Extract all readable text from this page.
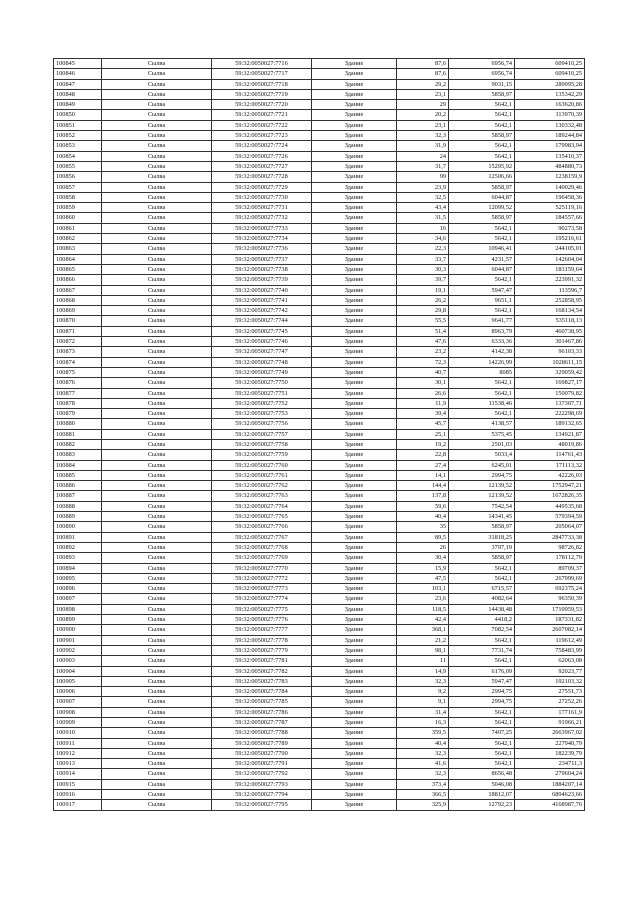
100845	Сылва	59:32:0050027:7716	Здание	87,6	6956,74	609410,25
100846	Сылва	59:32:0050027:7717	Здание	87,6	6956,74	609410,25
100847	Сылва	59:32:0050027:7718	Здание	29,2	9031,15	289995,28
100848	Сылва	59:32:0050027:7719	Здание	23,1	5858,97	135342,29
100849	Сылва	59:32:0050027:7720	Здание	29	5642,1	163620,86
100850	Сылва	59:32:0050027:7721	Здание	20,2	5642,1	113970,39
100851	Сылва	59:32:0050027:7722	Здание	23,1	5642,1	130332,48
100852	Сылва	59:32:0050027:7723	Здание	32,3	5858,97	189244,84
100853	Сылва	59:32:0050027:7724	Здание	31,9	5642,1	179983,94
100854	Сылва	59:32:0050027:7726	Здание	24	5642,1	135410,37
100855	Сылва	59:32:0050027:7727	Здание	31,7	15295,92	484880,73
100856	Сылва	59:32:0050027:7728	Здание	99	12506,66	1238159,9
100857	Сылва	59:32:0050027:7729	Здание	23,9	5858,97	140029,46
100858	Сылва	59:32:0050027:7730	Здание	32,5	6044,87	196458,36
100859	Сылва	59:32:0050027:7731	Здание	43,4	12099,52	525119,16
100860	Сылва	59:32:0050027:7732	Здание	31,5	5858,97	184557,66
100861	Сылва	59:32:0050027:7733	Здание	16	5642,1	90273,58
100862	Сылва	59:32:0050027:7734	Здание	34,6	5642,1	195216,61
100863	Сылва	59:32:0050027:7736	Здание	22,3	10946,41	244105,01
100864	Сылва	59:32:0050027:7737	Здание	33,7	4231,57	142604,04
100865	Сылва	59:32:0050027:7738	Здание	30,3	6044,87	183159,64
100866	Сылва	59:32:0050027:7739	Здание	39,7	5642,1	223991,32
100867	Сылва	59:32:0050027:7740	Здание	19,1	5947,47	113596,7
100868	Сылва	59:32:0050027:7741	Здание	26,2	9651,1	252858,95
100869	Сылва	59:32:0050027:7742	Здание	29,8	5642,1	168134,54
100870	Сылва	59:32:0050027:7744	Здание	55,5	9641,77	535118,13
100871	Сылва	59:32:0050027:7745	Здание	51,4	8963,79	460738,95
100872	Сылва	59:32:0050027:7746	Здание	47,6	6333,36	301467,86
100873	Сылва	59:32:0050027:7747	Здание	23,2	4142,38	96103,33
100874	Сылва	59:32:0050027:7748	Здание	72,3	14226,99	1028611,15
100875	Сылва	59:32:0050027:7749	Здание	40,7	8085	329059,42
100876	Сылва	59:32:0050027:7750	Здание	30,1	5642,1	169827,17
100877	Сылва	59:32:0050027:7751	Здание	26,6	5642,1	150079,82
100878	Сылва	59:32:0050027:7752	Здание	11,9	11538,46	137307,71
100879	Сылва	59:32:0050027:7753	Здание	39,4	5642,1	222298,69
100880	Сылва	59:32:0050027:7756	Здание	45,7	4138,57	189132,65
100881	Сылва	59:32:0050027:7757	Здание	25,1	5375,45	134921,87
100882	Сылва	59:32:0050027:7758	Здание	19,2	2501,03	48019,86
100883	Сылва	59:32:0050027:7759	Здание	22,8	5033,4	114761,43
100884	Сылва	59:32:0050027:7760	Здание	27,4	6245,01	171113,32
100885	Сылва	59:32:0050027:7761	Здание	14,1	2994,75	42226,03
100886	Сылва	59:32:0050027:7762	Здание	144,4	12139,52	1752947,21
100887	Сылва	59:32:0050027:7763	Здание	137,8	12139,52	1672826,35
100888	Сылва	59:32:0050027:7764	Здание	59,6	7542,54	449535,68
100889	Сылва	59:32:0050027:7765	Здание	40,4	14341,45	579394,59
100890	Сылва	59:32:0050027:7766	Здание	35	5858,97	205064,07
100891	Сылва	59:32:0050027:7767	Здание	89,5	31818,25	2847733,38
100892	Сылва	59:32:0050027:7768	Здание	26	3797,19	98726,82
100893	Сылва	59:32:0050027:7769	Здание	30,4	5858,97	178112,79
100894	Сылва	59:32:0050027:7770	Здание	15,9	5642,1	89709,37
100895	Сылва	59:32:0050027:7772	Здание	47,5	5642,1	267999,69
100896	Сылва	59:32:0050027:7773	Здание	103,1	6715,57	692375,24
100897	Сылва	59:32:0050027:7774	Здание	23,6	4082,64	96350,39
100898	Сылва	59:32:0050027:7775	Здание	118,5	14438,48	1710959,53
100899	Сылва	59:32:0050027:7776	Здание	42,4	4418,2	187331,82
100900	Сылва	59:32:0050027:7777	Здание	368,1	7082,54	2607082,14
100901	Сылва	59:32:0050027:7778	Здание	21,2	5642,1	119612,49
100902	Сылва	59:32:0050027:7779	Здание	98,1	7731,74	758483,99
100903	Сылва	59:32:0050027:7781	Здание	11	5642,1	62063,08
100904	Сылва	59:32:0050027:7782	Здание	14,9	6176,09	92023,77
100905	Сылва	59:32:0050027:7783	Здание	32,3	5947,47	192103,32
100906	Сылва	59:32:0050027:7784	Здание	9,2	2994,75	27551,73
100907	Сылва	59:32:0050027:7785	Здание	9,1	2994,75	27252,26
100908	Сылва	59:32:0050027:7786	Здание	31,4	5642,1	177161,9
100909	Сылва	59:32:0050027:7787	Здание	16,3	5642,1	91966,21
100910	Сылва	59:32:0050027:7788	Здание	359,5	7407,25	2663967,02
100911	Сылва	59:32:0050027:7789	Здание	40,4	5642,1	227940,79
100912	Сылва	59:32:0050027:7790	Здание	32,3	5642,1	182239,79
100913	Сылва	59:32:0050027:7791	Здание	41,6	5642,1	234711,3
100914	Сылва	59:32:0050027:7792	Здание	32,3	8656,48	279604,24
100915	Сылва	59:32:0050027:7793	Здание	373,4	5046,08	1884207,14
100916	Сылва	59:32:0050027:7794	Здание	366,5	18812,07	6894623,66
100917	Сылва	59:32:0050027:7795	Здание	325,9	12792,23	4168987,76
